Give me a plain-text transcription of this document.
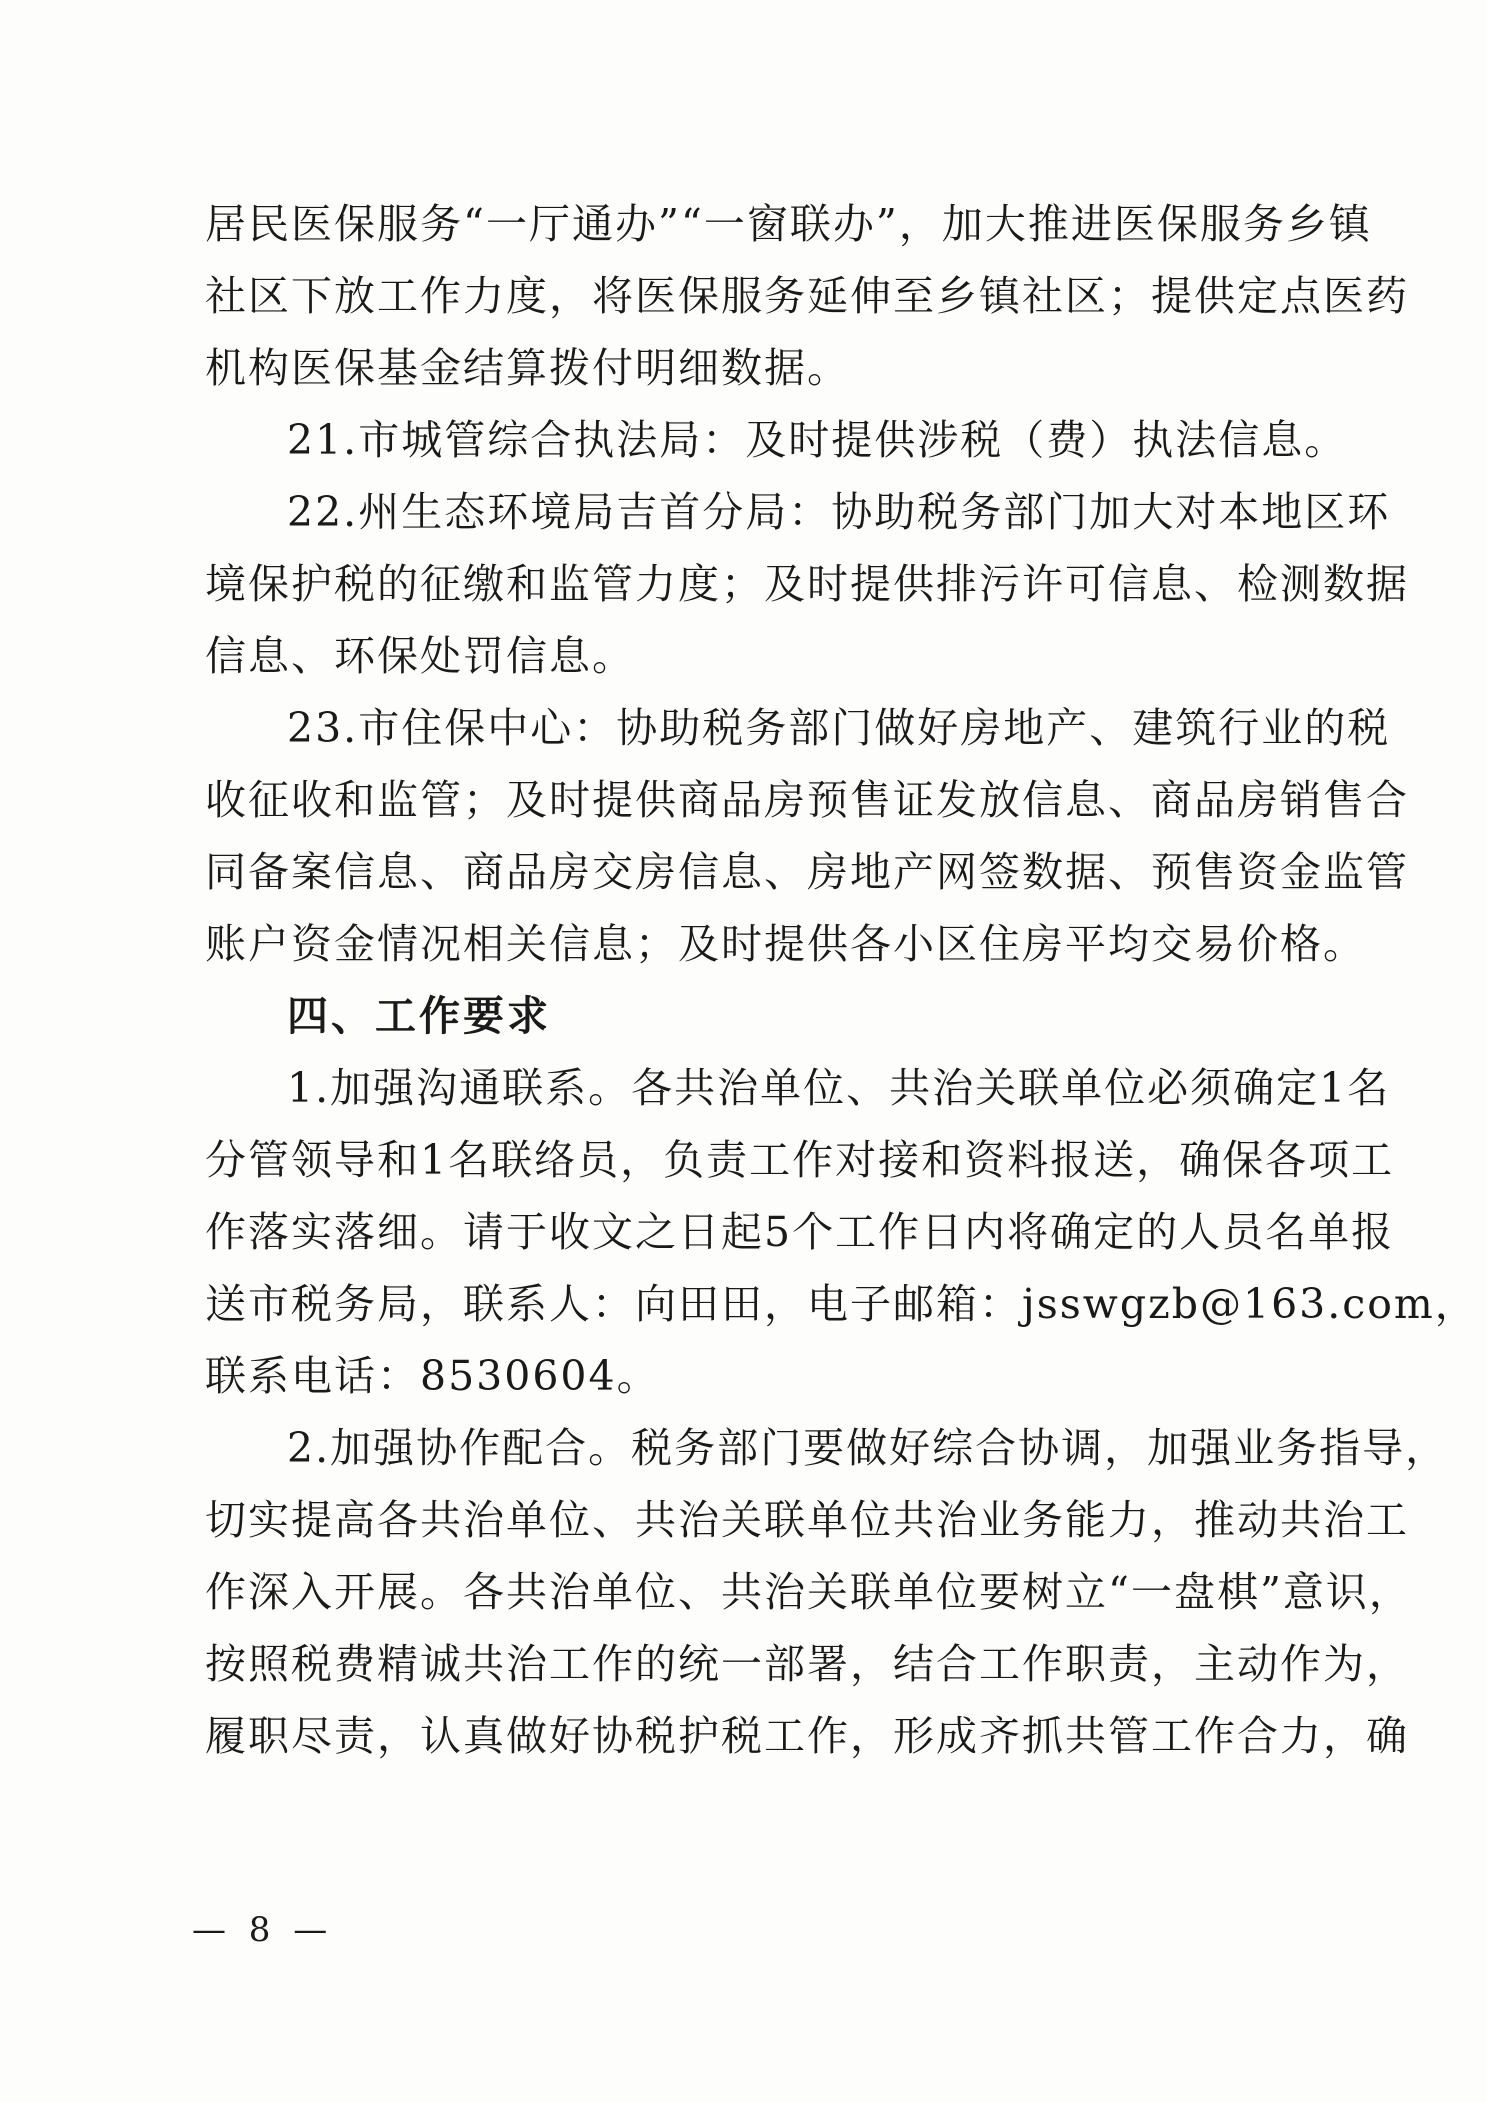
居民医保服务“一厅通办”“一窗联办”，加大推进医保服务乡镇
社区下放工作力度，将医保服务延伸至乡镇社区；提供定点医药
机构医保基金结算拨付明细数据。
21.市城管综合执法局：及时提供涉税（费）执法信息。
22.州生态环境局吉首分局：协助税务部门加大对本地区环
境保护税的征缴和监管力度；及时提供排污许可信息、检测数据
信息、环保处罚信息。
23.市住保中心：协助税务部门做好房地产、建筑行业的税
收征收和监管；及时提供商品房预售证发放信息、商品房销售合
同备案信息、商品房交房信息、房地产网签数据、预售资金监管
账户资金情况相关信息；及时提供各小区住房平均交易价格。
四、工作要求
1.加强沟通联系。各共治单位、共治关联单位必须确定1名
分管领导和1名联络员，负责工作对接和资料报送，确保各项工
作落实落细。请于收文之日起5个工作日内将确定的人员名单报
送市税务局，联系人：向田田，电子邮箱：jsswgzb@163.com，
联系电话：8530604。
2.加强协作配合。税务部门要做好综合协调，加强业务指导，
切实提高各共治单位、共治关联单位共治业务能力，推动共治工
作深入开展。各共治单位、共治关联单位要树立“一盘棋”意识，
按照税费精诚共治工作的统一部署，结合工作职责，主动作为，
履职尽责，认真做好协税护税工作，形成齐抓共管工作合力，确
— 8 —
